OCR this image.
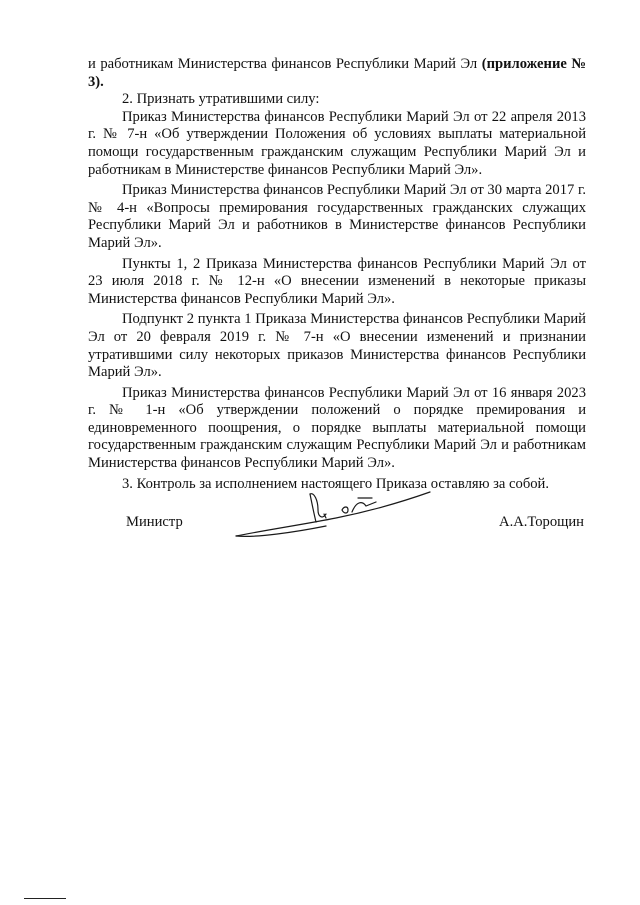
и работникам Министерства финансов Республики Марий Эл (приложение № 3).

2. Признать утратившими силу:

Приказ Министерства финансов Республики Марий Эл от 22 апреля 2013 г. № 7-н «Об утверждении Положения об условиях выплаты материальной помощи государственным гражданским служащим Республики Марий Эл и работникам в Министерстве финансов Республики Марий Эл».

Приказ Министерства финансов Республики Марий Эл от 30 марта 2017 г. № 4-н «Вопросы премирования государственных гражданских служащих Республики Марий Эл и работников в Министерстве финансов Республики Марий Эл».

Пункты 1, 2 Приказа Министерства финансов Республики Марий Эл от 23 июля 2018 г. № 12-н «О внесении изменений в некоторые приказы Министерства финансов Республики Марий Эл».

Подпункт 2 пункта 1 Приказа Министерства финансов Республики Марий Эл от 20 февраля 2019 г. № 7-н «О внесении изменений и признании утратившими силу некоторых приказов Министерства финансов Республики Марий Эл».

Приказ Министерства финансов Республики Марий Эл от 16 января 2023 г. № 1-н «Об утверждении положений о порядке премирования и единовременного поощрения, о порядке выплаты материальной помощи государственным гражданским служащим Республики Марий Эл и работникам Министерства финансов Республики Марий Эл».

3. Контроль за исполнением настоящего Приказа оставляю за собой.

Министр	А.А.Торощин
